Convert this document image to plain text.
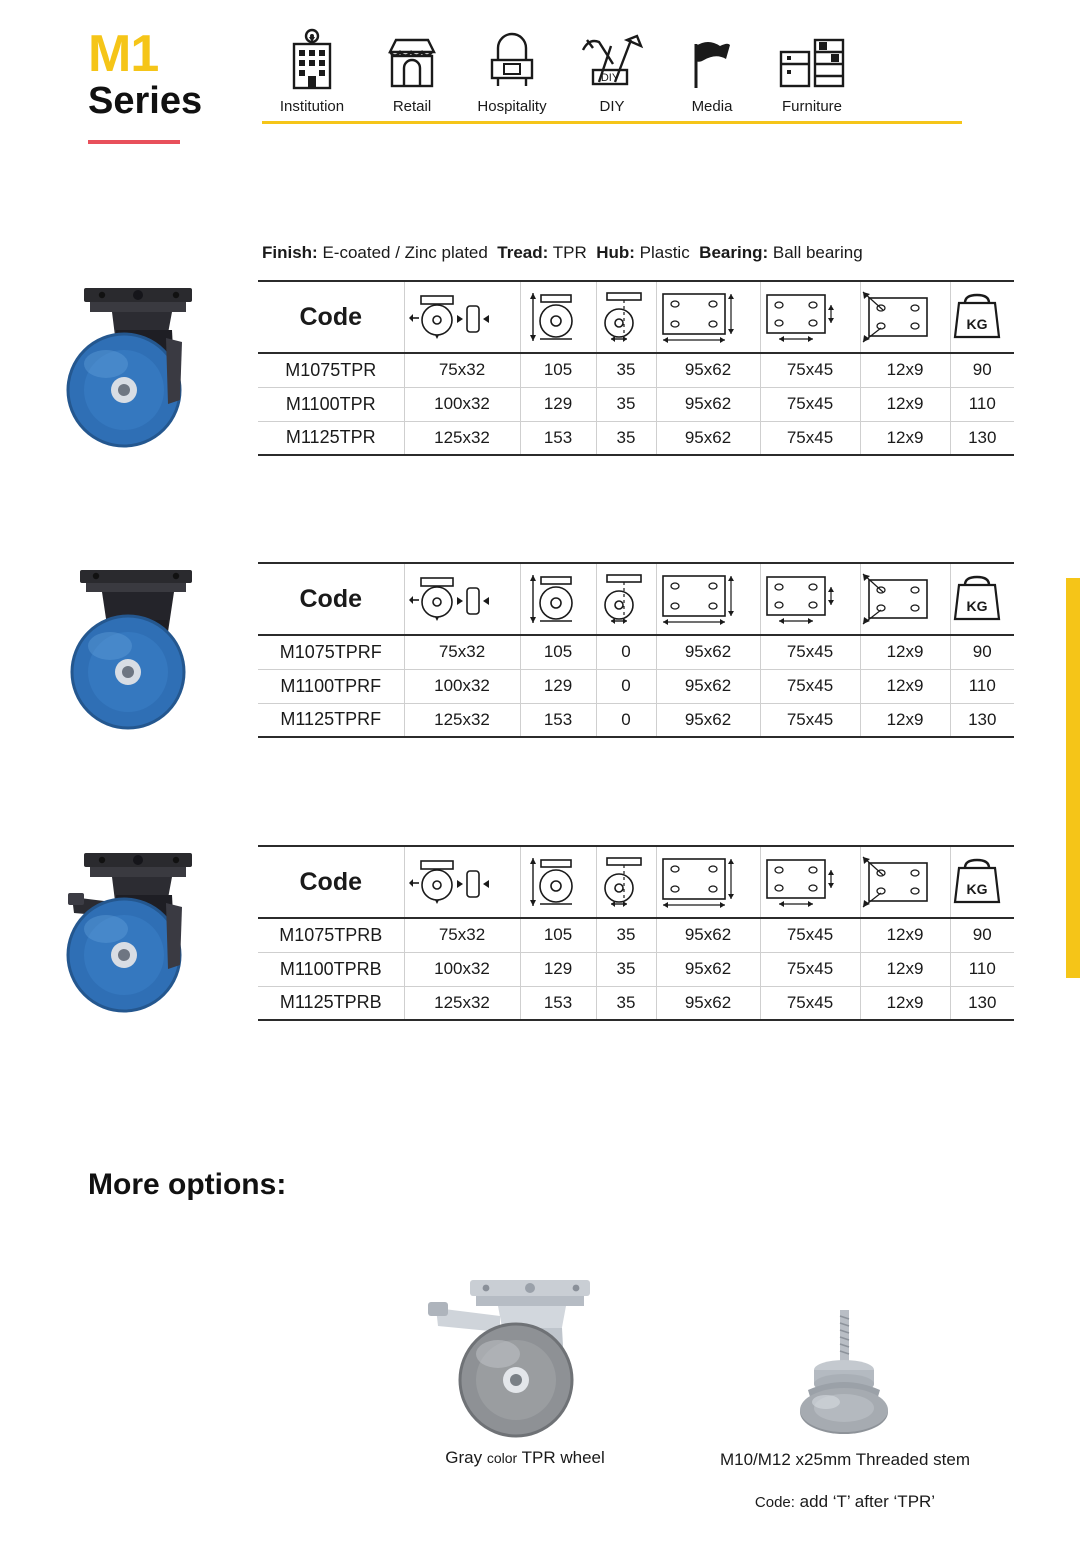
M1
Series	Institution	Retail	Hospitality
DIY
DIY	Media	Furniture
Finish: E-coated / Zinc plated Tread: TPR Hub: Plastic Bearing: Ball bearing
Code							KG

M1075TPR	75x32	105	35	95x62	75x45	12x9	90
M1100TPR	100x32	129	35	95x62	75x45	12x9	110
M1125TPR	125x32	153	35	95x62	75x45	12x9	130
Code							KG

M1075TPRF	75x32	105	0	95x62	75x45	12x9	90
M1100TPRF	100x32	129	0	95x62	75x45	12x9	110
M1125TPRF	125x32	153	0	95x62	75x45	12x9	130
Code							KG

M1075TPRB	75x32	105	35	95x62	75x45	12x9	90
M1100TPRB	100x32	129	35	95x62	75x45	12x9	110
M1125TPRB	125x32	153	35	95x62	75x45	12x9	130
More options:
Gray color TPR wheel	M10/M12 x25mm Threaded stem
Code: add ‘T’ after ‘TPR’
